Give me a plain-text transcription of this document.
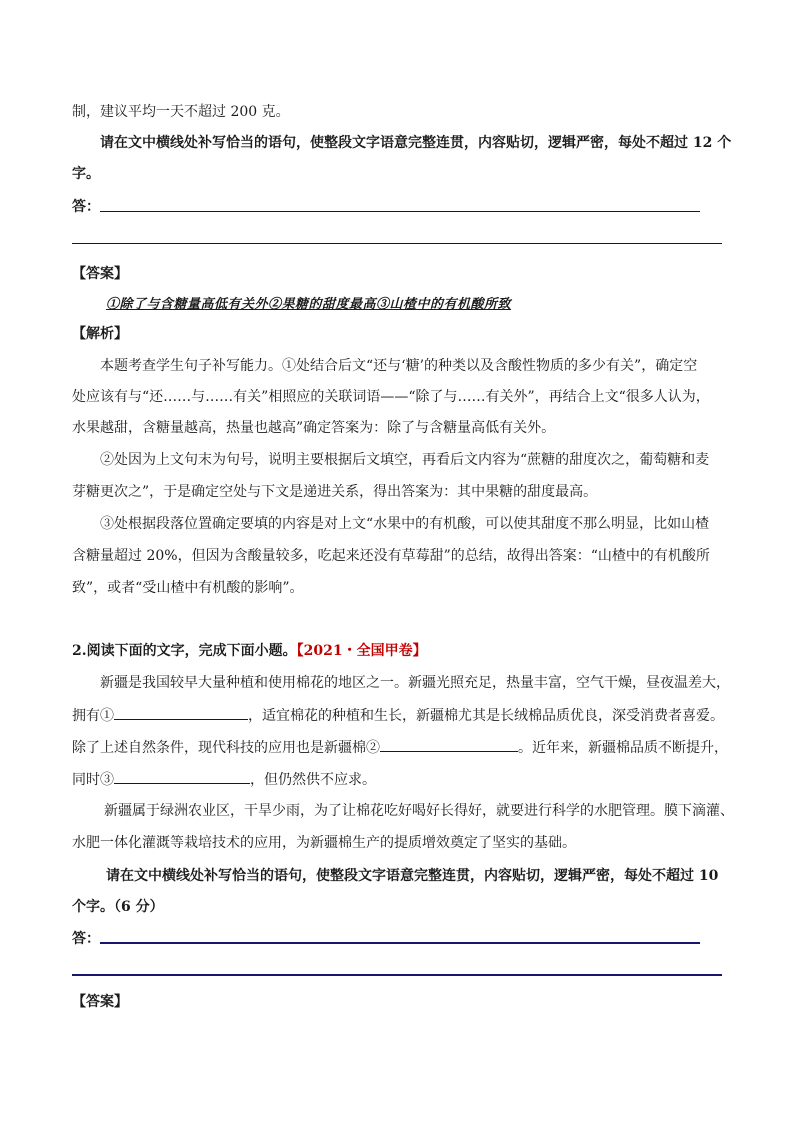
制，建议平均一天不超过 200 克。
请在文中横线处补写恰当的语句，使整段文字语意完整连贯，内容贴切，逻辑严密，每处不超过 12 个
字。
答：
【答案】
①除了与含糖量高低有关外②果糖的甜度最高③山楂中的有机酸所致
【解析】
本题考查学生句子补写能力。①处结合后文“还与‘糖’的种类以及含酸性物质的多少有关”，确定空
处应该有与“还……与……有关”相照应的关联词语——“除了与……有关外”，再结合上文“很多人认为，
水果越甜，含糖量越高，热量也越高”确定答案为：除了与含糖量高低有关外。
②处因为上文句末为句号，说明主要根据后文填空，再看后文内容为“蔗糖的甜度次之，葡萄糖和麦
芽糖更次之”，于是确定空处与下文是递进关系，得出答案为：其中果糖的甜度最高。
③处根据段落位置确定要填的内容是对上文“水果中的有机酸，可以使其甜度不那么明显，比如山楂
含糖量超过 20%，但因为含酸量较多，吃起来还没有草莓甜”的总结，故得出答案：“山楂中的有机酸所
致”，或者“受山楂中有机酸的影响”。
2.阅读下面的文字，完成下面小题。【2021・全国甲卷】
新疆是我国较早大量种植和使用棉花的地区之一。新疆光照充足，热量丰富，空气干燥，昼夜温差大，
拥有①	，适宜棉花的种植和生长，新疆棉尤其是长绒棉品质优良，深受消费者喜爱。
除了上述自然条件，现代科技的应用也是新疆棉②	。近年来，新疆棉品质不断提升，
同时③	，但仍然供不应求。
新疆属于绿洲农业区，干旱少雨，为了让棉花吃好喝好长得好，就要进行科学的水肥管理。膜下滴灌、
水肥一体化灌溉等栽培技术的应用，为新疆棉生产的提质增效奠定了坚实的基础。
请在文中横线处补写恰当的语句，使整段文字语意完整连贯，内容贴切，逻辑严密，每处不超过 10
个字。（6 分）
答：
【答案】
